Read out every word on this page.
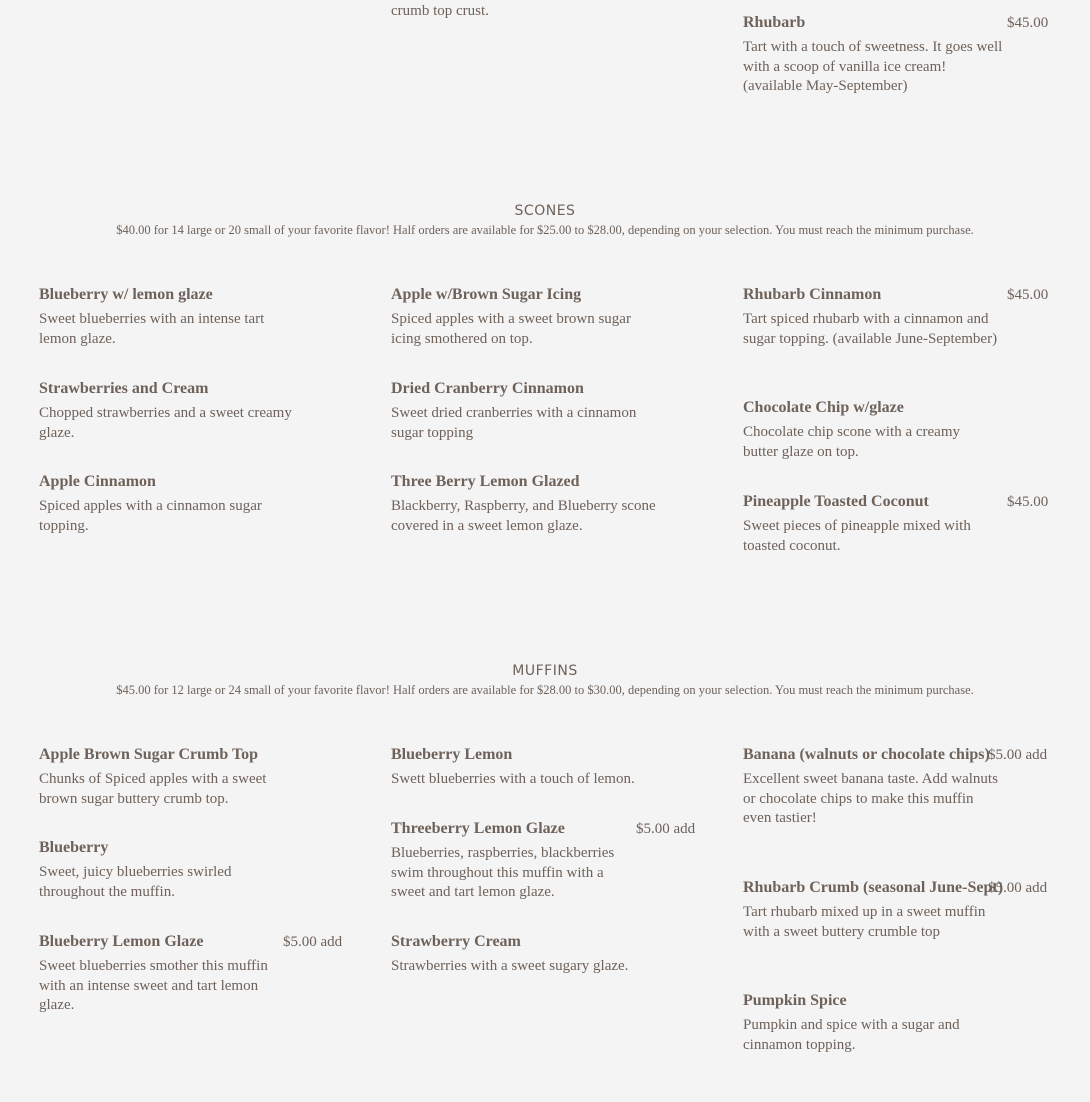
crumb top crust.
Rhubarb
Tart with a touch of sweetness. It goes well with a scoop of vanilla ice cream! (available May-September)
$45.00
SCONES
$40.00 for 14 large or 20 small of your favorite flavor! Half orders are available for $25.00 to $28.00, depending on your selection. You must reach the minimum purchase.
Blueberry w/ lemon glaze
Sweet blueberries with an intense tart lemon glaze.
Strawberries and Cream
Chopped strawberries and a sweet creamy glaze.
Apple Cinnamon
Spiced apples with a cinnamon sugar topping.
Apple w/Brown Sugar Icing
Spiced apples with a sweet brown sugar icing smothered on top.
Dried Cranberry Cinnamon
Sweet dried cranberries with a cinnamon sugar topping
Three Berry Lemon Glazed
Blackberry, Raspberry, and Blueberry scone covered in a sweet lemon glaze.
Rhubarb Cinnamon
Tart spiced rhubarb with a cinnamon and sugar topping. (available June-September)
$45.00
Chocolate Chip w/glaze
Chocolate chip scone with a creamy butter glaze on top.
Pineapple Toasted Coconut
Sweet pieces of pineapple mixed with toasted coconut.
$45.00
MUFFINS
$45.00 for 12 large or 24 small of your favorite flavor! Half orders are available for $28.00 to $30.00, depending on your selection. You must reach the minimum purchase.
Apple Brown Sugar Crumb Top
Chunks of Spiced apples with a sweet brown sugar buttery crumb top.
Blueberry
Sweet, juicy blueberries swirled throughout the muffin.
Blueberry Lemon Glaze
Sweet blueberries smother this muffin with an intense sweet and tart lemon glaze.
$5.00 add
Blueberry Lemon
Swett blueberries with a touch of lemon.
Threeberry Lemon Glaze
Blueberries, raspberries, blackberries swim throughout this muffin with a sweet and tart lemon glaze.
$5.00 add
Strawberry Cream
Strawberries with a sweet sugary glaze.
Banana (walnuts or chocolate chips)
Excellent sweet banana taste. Add walnuts or chocolate chips to make this muffin even tastier!
$5.00 add
Rhubarb Crumb (seasonal June-Sept)
Tart rhubarb mixed up in a sweet muffin with a sweet buttery crumble top
$5.00 add
Pumpkin Spice
Pumpkin and spice with a sugar and cinnamon topping.
